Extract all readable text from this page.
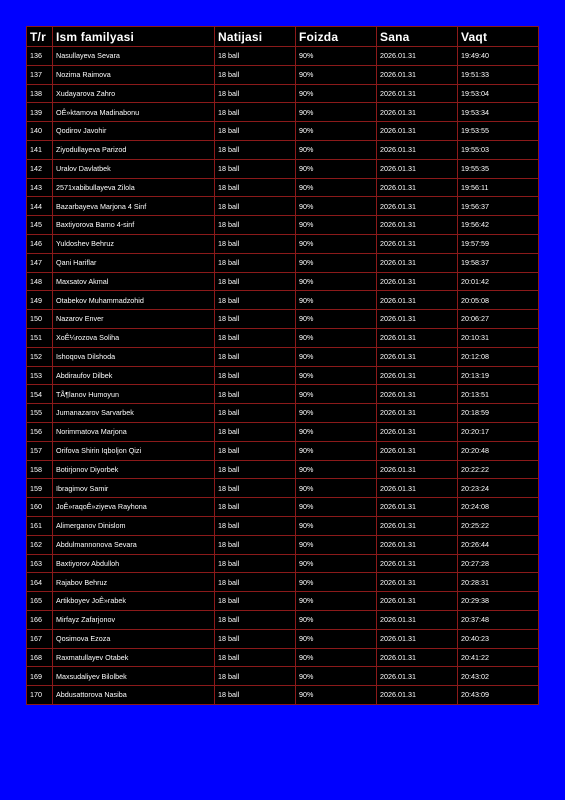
T/r	Ism familyasi	Natijasi	Foizda	Sana	Vaqt
136	Nasullayeva Sevara	18 ball	90%	2026.01.31	19:49:40
137	Nozima Raimova	18 ball	90%	2026.01.31	19:51:33
138	Xudayarova Zahro	18 ball	90%	2026.01.31	19:53:04
139	OÊ»ktamova Madinabonu	18 ball	90%	2026.01.31	19:53:34
140	Qodirov Javohir	18 ball	90%	2026.01.31	19:53:55
141	Ziyodullayeva Parizod	18 ball	90%	2026.01.31	19:55:03
142	Uralov Davlatbek	18 ball	90%	2026.01.31	19:55:35
143	2571xabibullayeva Zilola	18 ball	90%	2026.01.31	19:56:11
144	Bazarbayeva Marjona 4 Sinf	18 ball	90%	2026.01.31	19:56:37
145	Baxtiyorova Barno 4-sinf	18 ball	90%	2026.01.31	19:56:42
146	Yuldoshev Behruz	18 ball	90%	2026.01.31	19:57:59
147	Qani Hariflar	18 ball	90%	2026.01.31	19:58:37
148	Maxsatov Akmal	18 ball	90%	2026.01.31	20:01:42
149	Otabekov Muhammadzohid	18 ball	90%	2026.01.31	20:05:08
150	Nazarov Enver	18 ball	90%	2026.01.31	20:06:27
151	XoÊ¼rozova Soliha	18 ball	90%	2026.01.31	20:10:31
152	Ishoqova Dilshoda	18 ball	90%	2026.01.31	20:12:08
153	Abdiraufov Dilbek	18 ball	90%	2026.01.31	20:13:19
154	TÃ¶lanov Humoyun	18 ball	90%	2026.01.31	20:13:51
155	Jumanazarov Sarvarbek	18 ball	90%	2026.01.31	20:18:59
156	Norimmatova Marjona	18 ball	90%	2026.01.31	20:20:17
157	Orifova Shirin Iqboljon Qizi	18 ball	90%	2026.01.31	20:20:48
158	Botirjonov Diyorbek	18 ball	90%	2026.01.31	20:22:22
159	Ibragimov Samir	18 ball	90%	2026.01.31	20:23:24
160	JoÊ»raqoÊ»ziyeva Rayhona	18 ball	90%	2026.01.31	20:24:08
161	Alimerganov Dinislom	18 ball	90%	2026.01.31	20:25:22
162	Abdulmannonova Sevara	18 ball	90%	2026.01.31	20:26:44
163	Baxtiyorov Abdulloh	18 ball	90%	2026.01.31	20:27:28
164	Rajabov Behruz	18 ball	90%	2026.01.31	20:28:31
165	Artikboyev JoÊ»rabek	18 ball	90%	2026.01.31	20:29:38
166	Mirfayz Zafarjonov	18 ball	90%	2026.01.31	20:37:48
167	Qosimova Ezoza	18 ball	90%	2026.01.31	20:40:23
168	Raxmatullayev Otabek	18 ball	90%	2026.01.31	20:41:22
169	Maxsudaliyev Bilolbek	18 ball	90%	2026.01.31	20:43:02
170	Abdusattorova Nasiba	18 ball	90%	2026.01.31	20:43:09
